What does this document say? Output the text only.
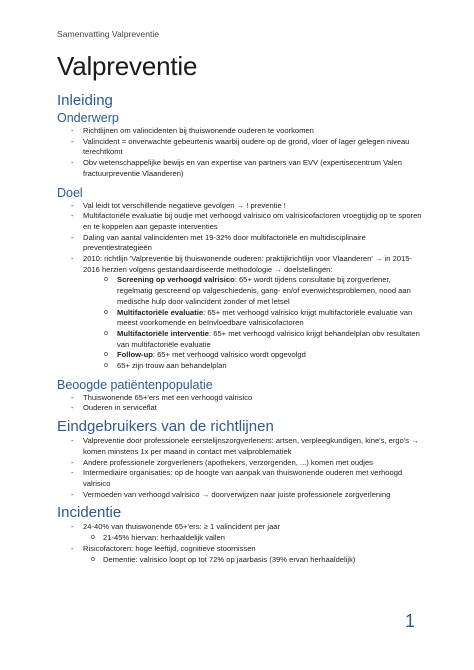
Samenvatting Valpreventie
Valpreventie
Inleiding
Onderwerp
- Richtlijnen om valincidenten bij thuiswonende ouderen te voorkomen
- Valincident = onverwachte gebeurtenis waarbij oudere op de grond, vloer of lager gelegen niveau terechtkomt
- Obv wetenschappelijke bewijs en van expertise van partners van EVV (expertisecentrum Valen fractuurpreventie Vlaanderen)
Doel
- Val leidt tot verschillende negatieve gevolgen → ! preventie !
- Multifactoriële evaluatie bij oudje met verhoogd valrisico om valrisicofactoren vroegtijdig op te sporen en te koppelen aan gepaste interventies
- Daling van aantal valincidenten met 19-32% door multifactoriële en multidisciplinaire preventiestrategieën
- 2010: richtlijn 'Valpreventie bij thuiswonende ouderen: praktijkrichtlijn voor Vlaanderen' → in 2015-2016 herzien volgens gestandaardiseerde methodologie → doelstellingen:
o Screening op verhoogd valrisico: 65+ wordt tijdens consultatie bij zorgverlener, regelmatig gescreend op valgeschiedenis, gang- en/of evenwichtsproblemen, nood aan medische hulp door valincident zonder of met letsel
o Multifactoriële evaluatie: 65+ met verhoogd valrisico krijgt multifactoriële evaluatie van meest voorkomende en beïnvloedbare valrisicofactoren
o Multifactoriële interventie: 65+ met verhoogd valrisico krijgt behandelplan obv resultaten van multifactoriële evaluatie
o Follow-up: 65+ met verhoogd valrisico wordt opgevolgd
o 65+ zijn trouw aan behandelplan
Beoogde patiëntenpopulatie
- Thuiswonende 65+'ers met een verhoogd valrisico
- Ouderen in serviceflat
Eindgebruikers van de richtlijnen
- Valpreventie door professionele eerstelijnszorgverleners: artsen, verpleegkundigen, kine's, ergo's → komen minstens 1x per maand in contact met valproblematiek
- Andere professionele zorgverleners (apothekers, verzorgenden, ...) komen met oudjes
- Intermediaire organisaties: op de hoogte van aanpak van thuiswonende ouderen met verhoogd valrisico
- Vermoeden van verhoogd valrisico → doorverwijzen naar juiste professionele zorgverlening
Incidentie
- 24-40% van thuiswonende 65+'ers: ≥ 1 valincident per jaar
o 21-45% hiervan: herhaaldelijk vallen
- Risicofactoren: hoge leeftijd, cognitieve stoornissen
o Dementie: valrisico loopt op tot 72% op jaarbasis (39% ervan herhaaldelijk)
1
